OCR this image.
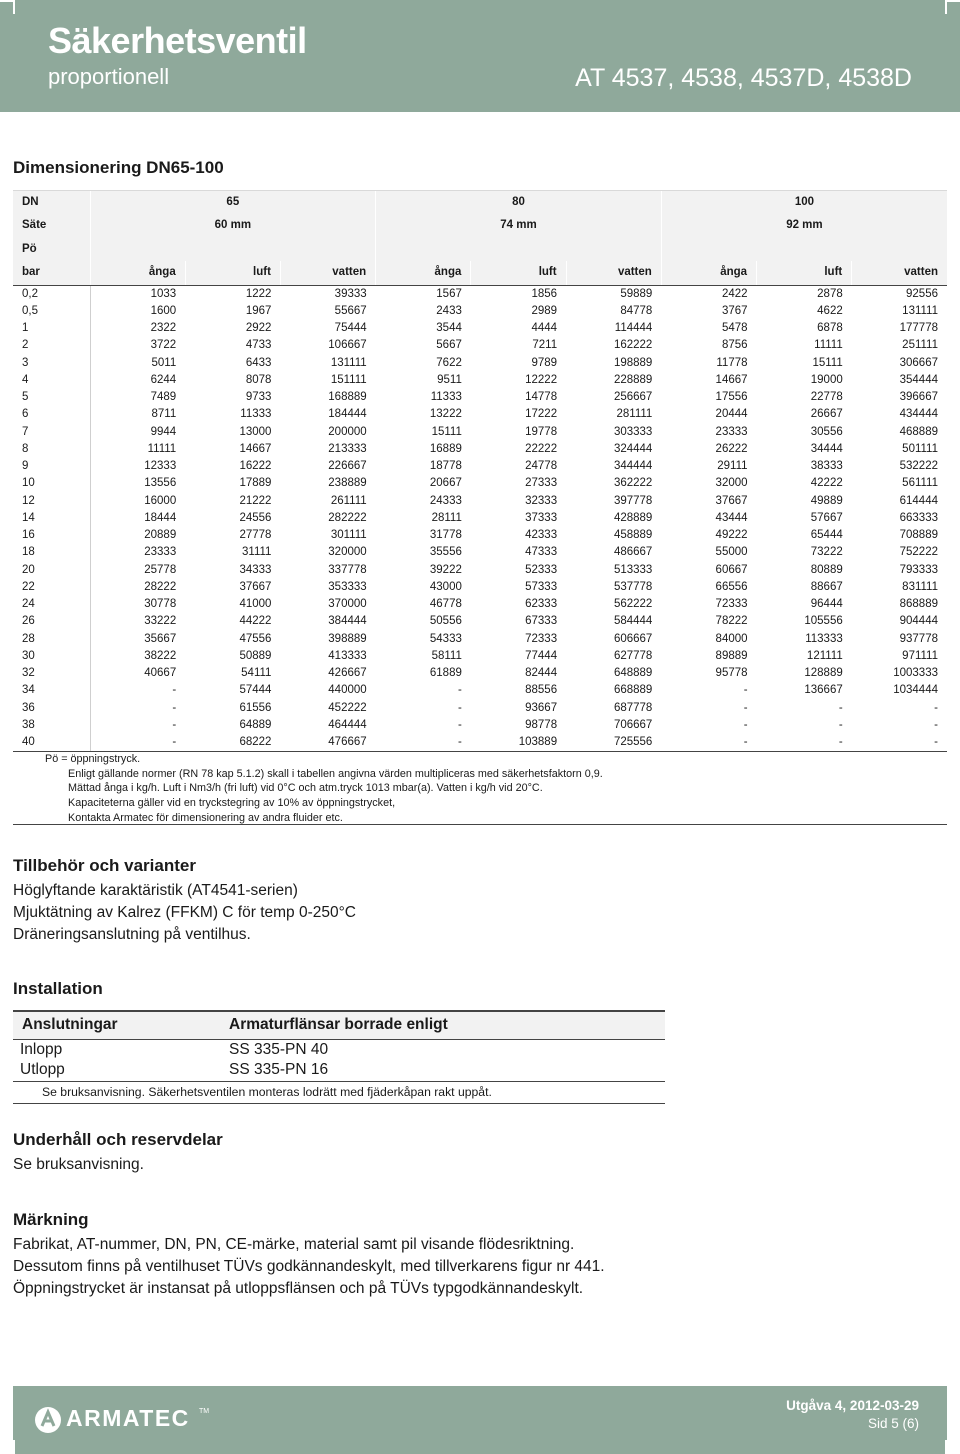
Säkerhetsventil
proportionell	AT 4537, 4538, 4537D, 4538D
Dimensionering DN65-100
DN	65			80			100		
Säte	60 mm			74 mm			92 mm		
Pö									
bar	ånga	luft	vatten	ånga	luft	vatten	ånga	luft	vatten
0,2	1033	1222	39333	1567	1856	59889	2422	2878	92556
0,5	1600	1967	55667	2433	2989	84778	3767	4622	131111
1	2322	2922	75444	3544	4444	114444	5478	6878	177778
2	3722	4733	106667	5667	7211	162222	8756	11111	251111
3	5011	6433	131111	7622	9789	198889	11778	15111	306667
4	6244	8078	151111	9511	12222	228889	14667	19000	354444
5	7489	9733	168889	11333	14778	256667	17556	22778	396667
6	8711	11333	184444	13222	17222	281111	20444	26667	434444
7	9944	13000	200000	15111	19778	303333	23333	30556	468889
8	11111	14667	213333	16889	22222	324444	26222	34444	501111
9	12333	16222	226667	18778	24778	344444	29111	38333	532222
10	13556	17889	238889	20667	27333	362222	32000	42222	561111
12	16000	21222	261111	24333	32333	397778	37667	49889	614444
14	18444	24556	282222	28111	37333	428889	43444	57667	663333
16	20889	27778	301111	31778	42333	458889	49222	65444	708889
18	23333	31111	320000	35556	47333	486667	55000	73222	752222
20	25778	34333	337778	39222	52333	513333	60667	80889	793333
22	28222	37667	353333	43000	57333	537778	66556	88667	831111
24	30778	41000	370000	46778	62333	562222	72333	96444	868889
26	33222	44222	384444	50556	67333	584444	78222	105556	904444
28	35667	47556	398889	54333	72333	606667	84000	113333	937778
30	38222	50889	413333	58111	77444	627778	89889	121111	971111
32	40667	54111	426667	61889	82444	648889	95778	128889	1003333
34	-	57444	440000	-	88556	668889	-	136667	1034444
36	-	61556	452222	-	93667	687778	-	-	-
38	-	64889	464444	-	98778	706667	-	-	-
40	-	68222	476667	-	103889	725556	-	-	-
Pö = öppningstryck.
Enligt gällande normer (RN 78 kap 5.1.2) skall i tabellen angivna värden multipliceras med säkerhetsfaktorn 0,9.
Mättad ånga i kg/h. Luft i Nm3/h (fri luft) vid 0°C och atm.tryck 1013 mbar(a). Vatten i kg/h vid 20°C.
Kapaciteterna gäller vid en tryckstegring av 10% av öppningstrycket,
Kontakta Armatec för dimensionering av andra fluider etc.
Tillbehör och varianter
Höglyftande karaktäristik (AT4541-serien)
Mjuktätning av Kalrez (FFKM) C för temp 0-250°C
Dräneringsanslutning på ventilhus.
Installation
Anslutningar	Armaturflänsar borrade enligt
Inlopp	SS 335-PN 40
Utlopp	SS 335-PN 16
Se bruksanvisning. Säkerhetsventilen monteras lodrätt med fjäderkåpan rakt uppåt.	
Underhåll och reservdelar
Se bruksanvisning.
Märkning
Fabrikat, AT-nummer, DN, PN, CE-märke, material samt pil visande flödesriktning.
Dessutom finns på ventilhuset TÜVs godkännandeskylt, med tillverkarens figur nr 441.
Öppningstrycket är instansat på utloppsflänsen och på TÜVs typgodkännandeskylt.
ARMATEC TM	Utgåva 4, 2012-03-29
Sid 5 (6)
